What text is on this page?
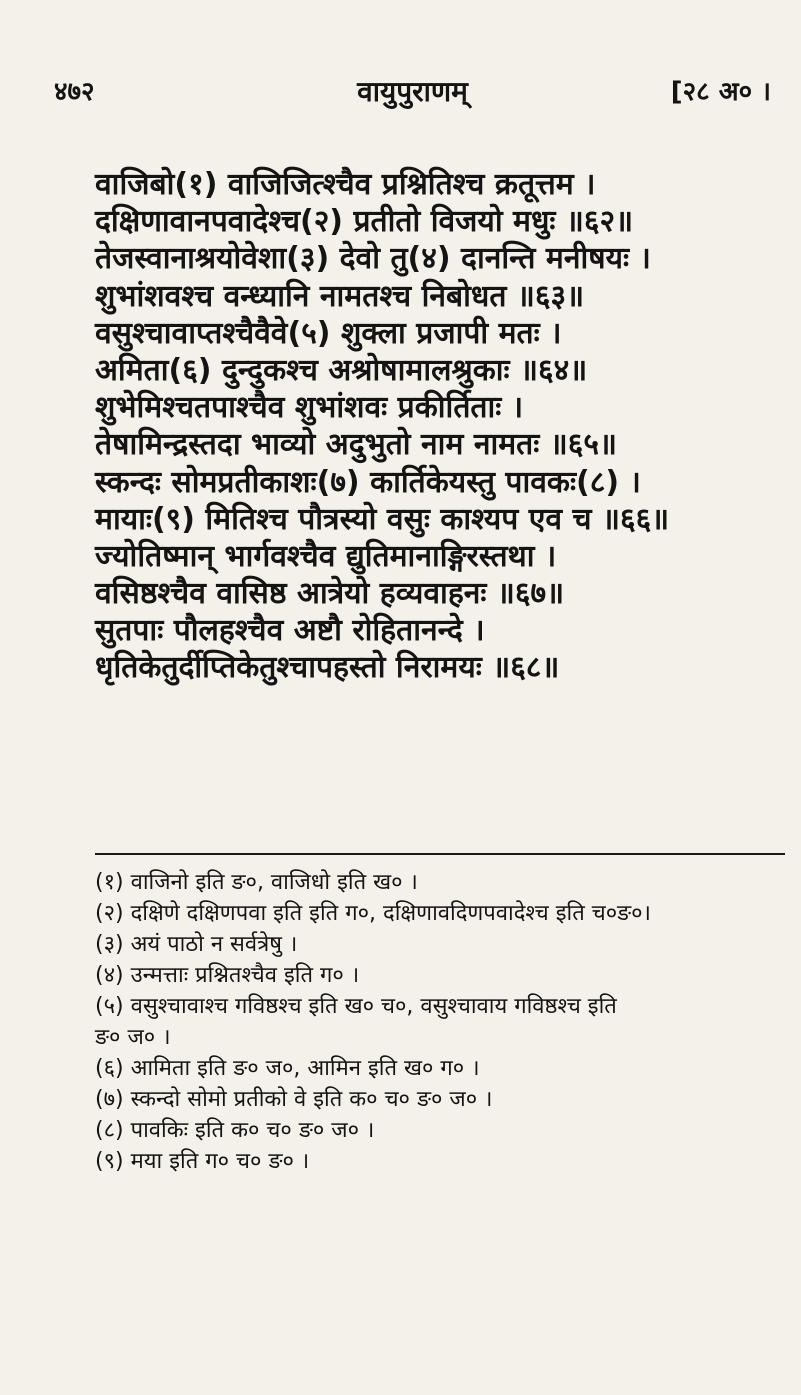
४७२	वायुपुराणम्	[२८ अ० ।
वाजिबो(१) वाजिजित्श्चैव प्रश्नितिश्च क्रतूत्तम ।
दक्षिणावानपवादेश्च(२) प्रतीतो विजयो मधुः ॥६२॥
तेजस्वानाश्रयोवेशा(३) देवो तु(४) दानन्ति मनीषयः ।
शुभांशवश्च वन्ध्यानि नामतश्च निबोधत ॥६३॥
वसुश्चावाप्तश्चैवैवे(५) शुक्ला प्रजापी मतः ।
अमिता(६) दुन्दुकश्च अश्रोषामालश्रुकाः ॥६४॥
शुभेमिश्चतपाश्चैव शुभांशवः प्रकीर्तिताः ।
तेषामिन्द्रस्तदा भाव्यो अदुभुतो नाम नामतः ॥६५॥
स्कन्दः सोमप्रतीकाशः(७) कार्तिकेयस्तु पावकः(८) ।
मायाः(९) मितिश्च पौत्रस्यो वसुः काश्यप एव च ॥६६॥
ज्योतिष्मान् भार्गवश्चैव द्युतिमानाङ्गिरस्तथा ।
वसिष्ठश्चैव वासिष्ठ आत्रेयो हव्यवाहनः ॥६७॥
सुतपाः पौलहश्चैव अष्टौ रोहितानन्दे ।
धृतिकेतुर्दीप्तिकेतुश्चापहस्तो निरामयः ॥६८॥
(१) वाजिनो इति ङ०, वाजिधो इति ख० ।
(२) दक्षिणे दक्षिणपवा इति इति ग०, दक्षिणावदिणपवादेश्च इति च०ङ०।
(३) अयं पाठो न सर्वत्रेषु ।
(४) उन्मत्ताः प्रश्नितश्चैव इति ग० ।
(५) वसुश्चावाश्च गविष्ठश्च इति ख० च०, वसुश्चावाय गविष्ठश्च इति
ङ० ज० ।
(६) आमिता इति ङ० ज०, आमिन इति ख० ग० ।
(७) स्कन्दो सोमो प्रतीको वे इति क० च० ङ० ज० ।
(८) पावकिः इति क० च० ङ० ज० ।
(९) मया इति ग० च० ङ० ।
